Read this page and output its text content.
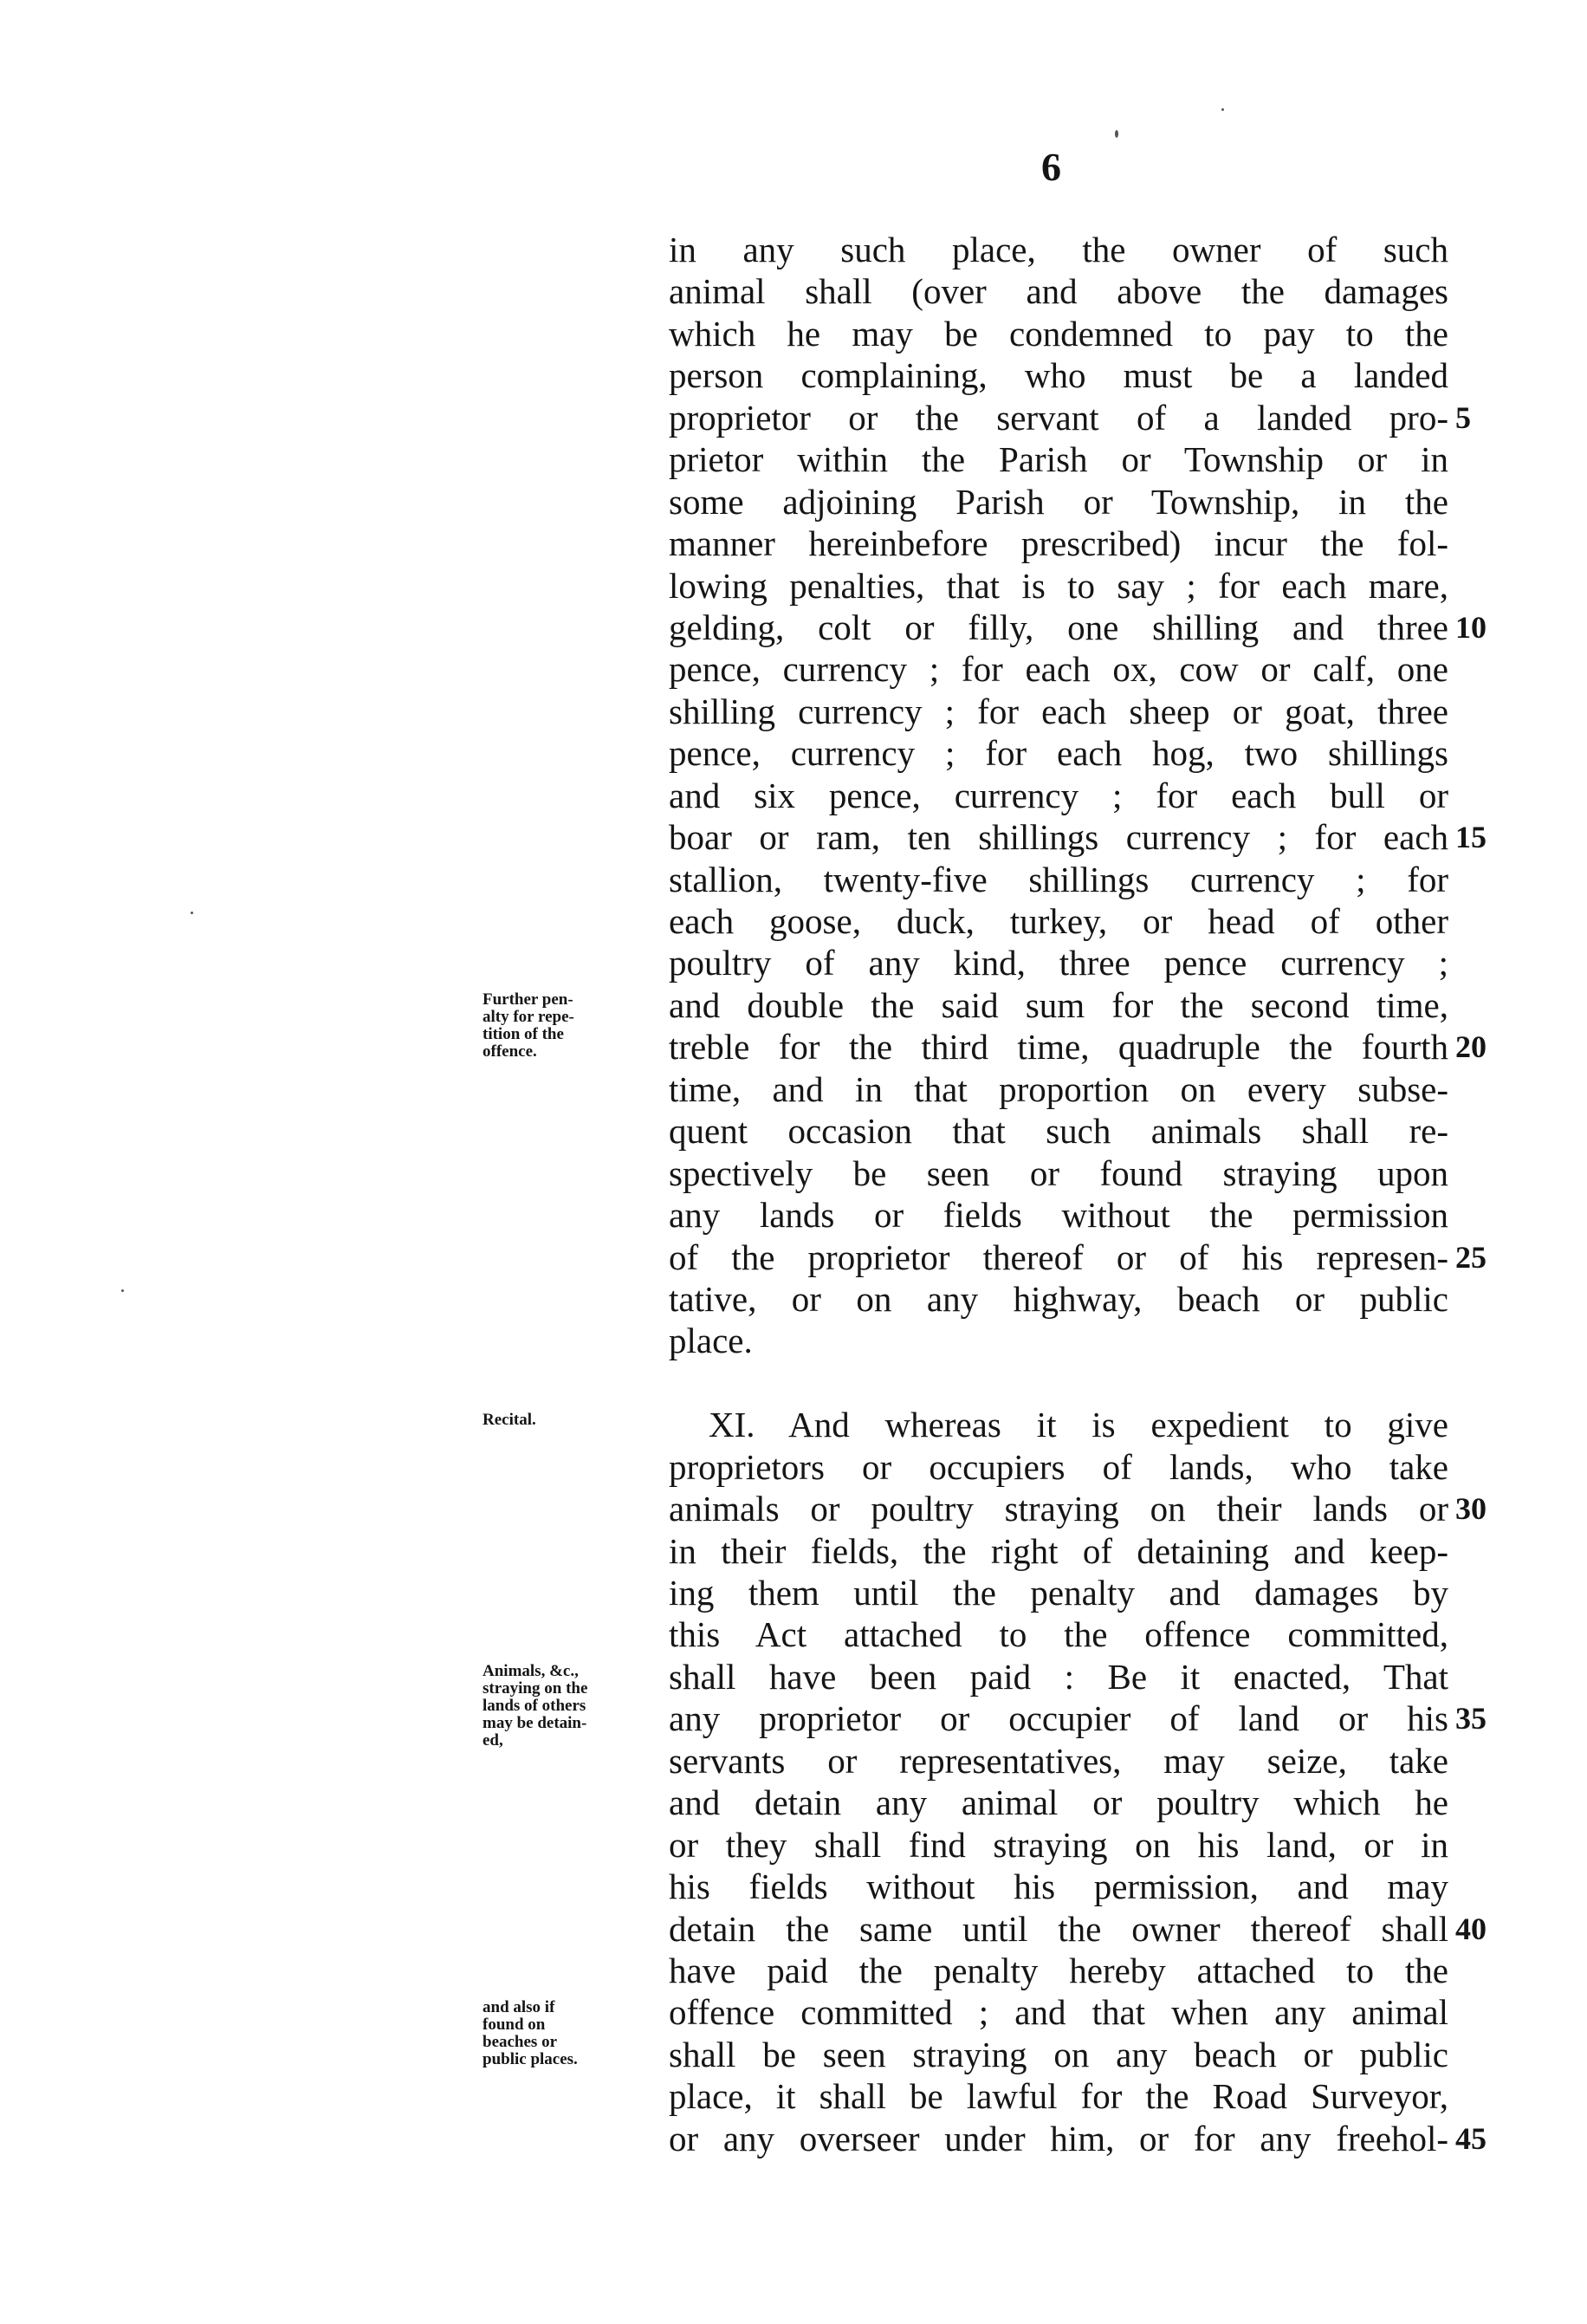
6
in any such place, the owner of such
animal shall (over and above the damages
which he may be condemned to pay to the
person complaining, who must be a landed
proprietor or the servant of a landed pro- 5
prietor within the Parish or Township or in
some adjoining Parish or Township, in the
manner hereinbefore prescribed) incur the fol-
lowing penalties, that is to say ; for each mare,
gelding, colt or filly, one shilling and three 10
pence, currency ; for each ox, cow or calf, one
shilling currency ; for each sheep or goat, three
pence, currency ; for each hog, two shillings
and six pence, currency ; for each bull or
boar or ram, ten shillings currency ; for each 15
stallion, twenty-five shillings currency ; for
each goose, duck, turkey, or head of other
poultry of any kind, three pence currency ;
and double the said sum for the second time,
treble for the third time, quadruple the fourth 20
time, and in that proportion on every subse-
quent occasion that such animals shall re-
spectively be seen or found straying upon
any lands or fields without the permission
of the proprietor thereof or of his represen- 25
tative, or on any highway, beach or public
place.
XI. And whereas it is expedient to give
proprietors or occupiers of lands, who take
animals or poultry straying on their lands or 30
in their fields, the right of detaining and keep-
ing them until the penalty and damages by
this Act attached to the offence committed,
shall have been paid : Be it enacted, That
any proprietor or occupier of land or his 35
servants or representatives, may seize, take
and detain any animal or poultry which he
or they shall find straying on his land, or in
his fields without his permission, and may
detain the same until the owner thereof shall 40
have paid the penalty hereby attached to the
offence committed ; and that when any animal
shall be seen straying on any beach or public
place, it shall be lawful for the Road Surveyor,
or any overseer under him, or for any freehol- 45
Further pen-
alty for repe-
tition of the
offence.
Recital.
Animals, &c.,
straying on the
lands of others
may be detain-
ed,
and also if
found on
beaches or
public places.
